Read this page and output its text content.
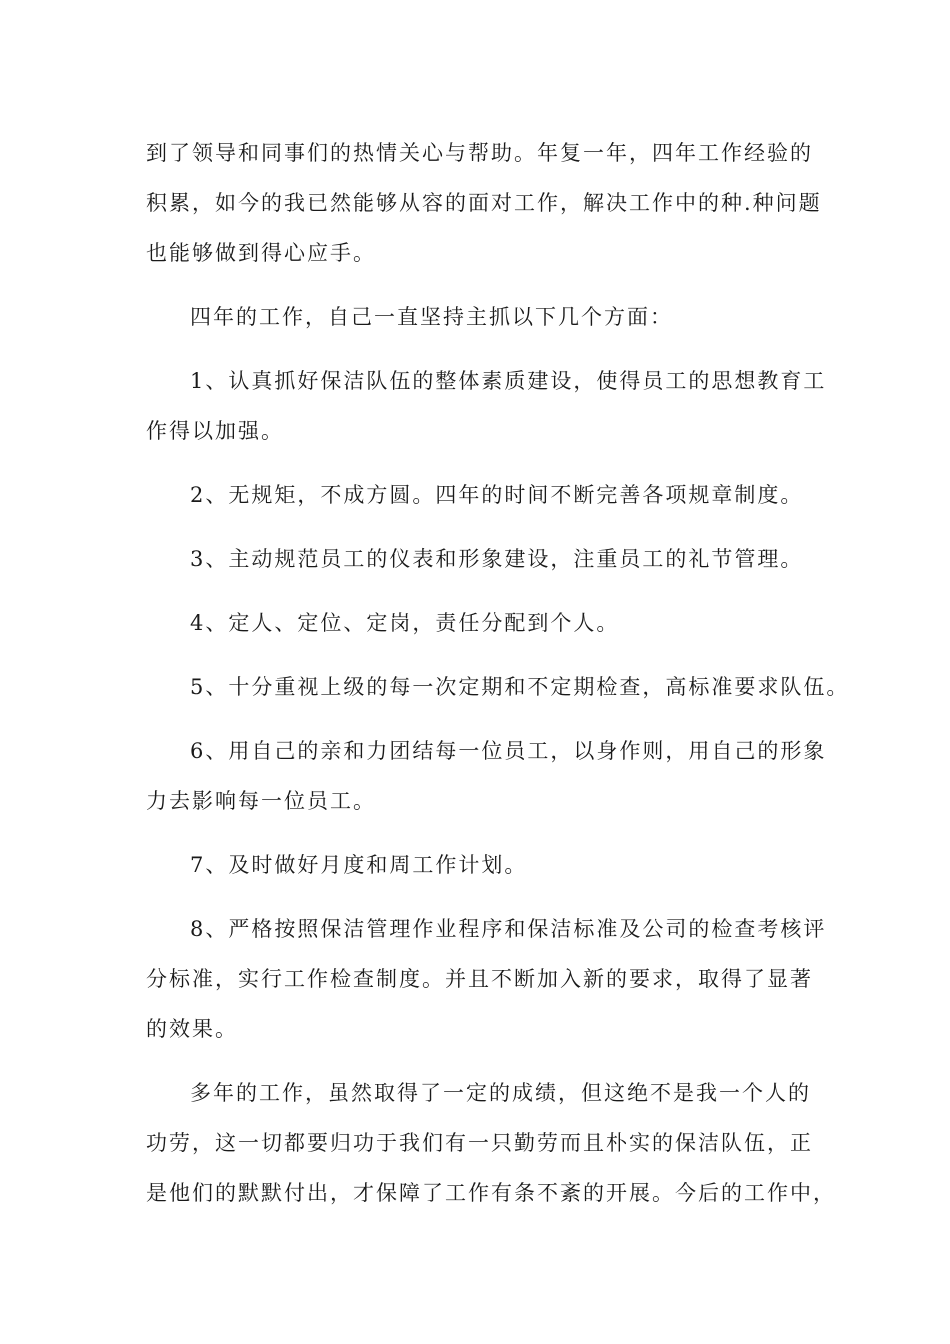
到了领导和同事们的热情关心与帮助。年复一年，四年工作经验的
积累，如今的我已然能够从容的面对工作，解决工作中的种.种问题
也能够做到得心应手。
四年的工作，自己一直坚持主抓以下几个方面：
1、认真抓好保洁队伍的整体素质建设，使得员工的思想教育工
作得以加强。
2、无规矩，不成方圆。四年的时间不断完善各项规章制度。
3、主动规范员工的仪表和形象建设，注重员工的礼节管理。
4、定人、定位、定岗，责任分配到个人。
5、十分重视上级的每一次定期和不定期检查，高标准要求队伍。
6、用自己的亲和力团结每一位员工，以身作则，用自己的形象
力去影响每一位员工。
7、及时做好月度和周工作计划。
8、严格按照保洁管理作业程序和保洁标准及公司的检查考核评
分标准，实行工作检查制度。并且不断加入新的要求，取得了显著
的效果。
多年的工作，虽然取得了一定的成绩，但这绝不是我一个人的
功劳，这一切都要归功于我们有一只勤劳而且朴实的保洁队伍，正
是他们的默默付出，才保障了工作有条不紊的开展。今后的工作中，
